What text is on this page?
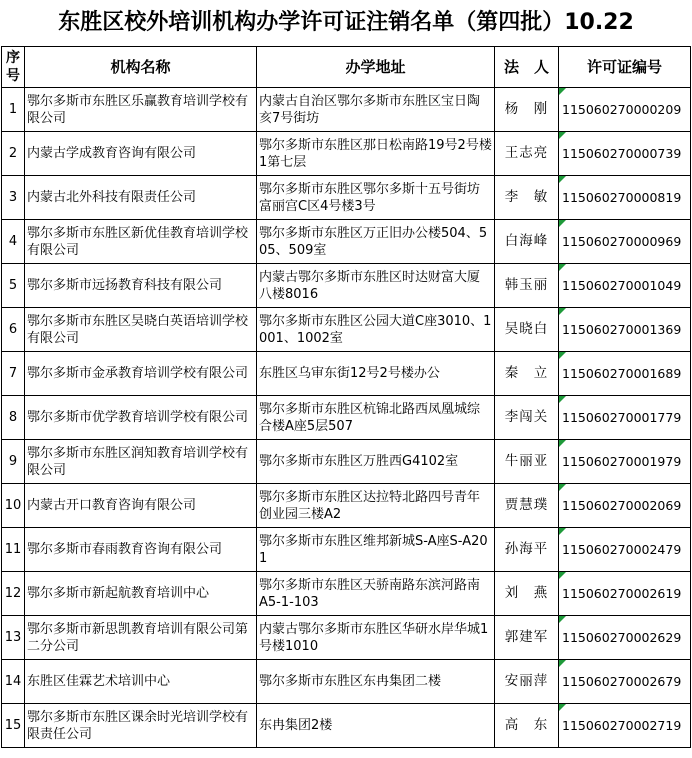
东胜区校外培训机构办学许可证注销名单（第四批）10.22
序号	机构名称	办学地址	法　人	许可证编号
1	鄂尔多斯市东胜区乐赢教育培训学校有限公司	内蒙古自治区鄂尔多斯市东胜区宝日陶亥7号街坊	杨　刚	115060270000209
2	内蒙古学成教育咨询有限公司	鄂尔多斯市东胜区那日松南路19号2号楼1第七层	王志亮	115060270000739
3	内蒙古北外科技有限责任公司	鄂尔多斯市东胜区鄂尔多斯十五号街坊富丽宫C区4号楼3号	李　敏	115060270000819
4	鄂尔多斯市东胜区新优佳教育培训学校有限公司	鄂尔多斯市东胜区万正旧办公楼504、505、509室	白海峰	115060270000969
5	鄂尔多斯市远扬教育科技有限公司	内蒙古鄂尔多斯市东胜区时达财富大厦八楼8016	韩玉丽	115060270001049
6	鄂尔多斯市东胜区吴晓白英语培训学校有限公司	鄂尔多斯市东胜区公园大道C座3010、1001、1002室	吴晓白	115060270001369
7	鄂尔多斯市金承教育培训学校有限公司	东胜区乌审东街12号2号楼办公	秦　立	115060270001689
8	鄂尔多斯市优学教育培训学校有限公司	鄂尔多斯市东胜区杭锦北路西凤凰城综合楼A座5层507	李闯关	115060270001779
9	鄂尔多斯市东胜区润知教育培训学校有限公司	鄂尔多斯市东胜区万胜西G4102室	牛丽亚	115060270001979
10	内蒙古开口教育咨询有限公司	鄂尔多斯市东胜区达拉特北路四号青年创业园三楼A2	贾慧璞	115060270002069
11	鄂尔多斯市春雨教育咨询有限公司	鄂尔多斯市东胜区维邦新城S-A座S-A201	孙海平	115060270002479
12	鄂尔多斯市新起航教育培训中心	鄂尔多斯市东胜区天骄南路东滨河路南 A5-1-103	刘　燕	115060270002619
13	鄂尔多斯市新思凯教育培训有限公司第二分公司	内蒙古鄂尔多斯市东胜区华研水岸华城1号楼1010	郭建军	115060270002629
14	东胜区佳霖艺术培训中心	鄂尔多斯市东胜区东冉集团二楼	安丽萍	115060270002679
15	鄂尔多斯市东胜区课余时光培训学校有限责任公司	东冉集团2楼	高　东	115060270002719
